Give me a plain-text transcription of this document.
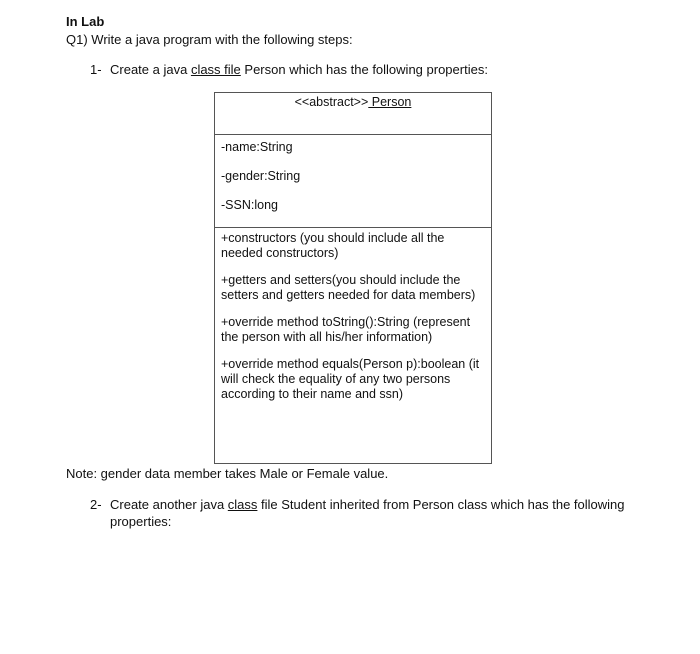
In Lab
Q1) Write a java program with the following steps:
1- Create a java class file Person which has the following properties:
<<abstract>> Person
-name:String
-gender:String
-SSN:long
+constructors (you should include all the needed constructors)
+getters and setters(you should include the setters and getters needed for data members)
+override method toString():String (represent the person with all his/her information)
+override method equals(Person p):boolean (it will check the equality of any two persons according to their name and ssn)
Note: gender data member takes Male or Female value.
2- Create another java class file Student inherited from Person class which has the following properties:
